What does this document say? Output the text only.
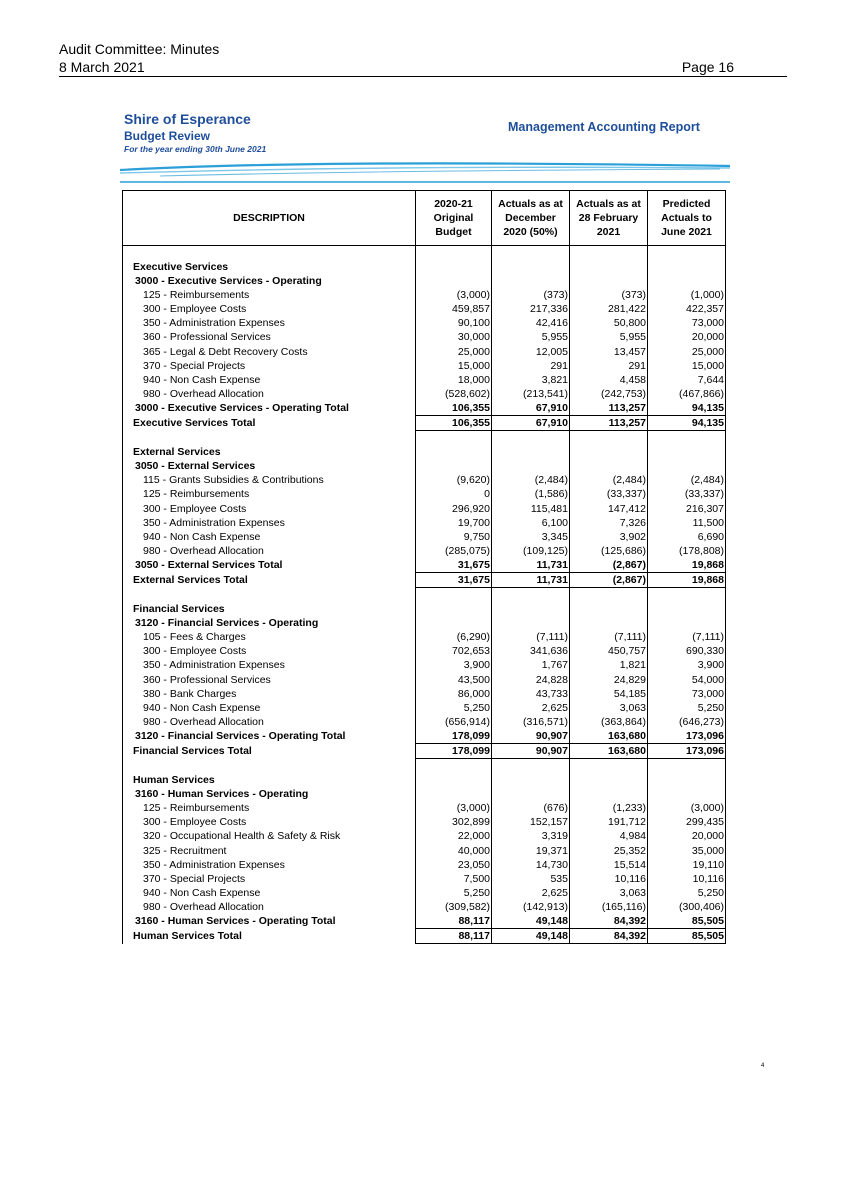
Audit Committee: Minutes
8 March 2021	Page 16
Shire of Esperance
Budget Review
For the year ending 30th June 2021
Management Accounting Report
DESCRIPTION	2020-21 Original Budget	Actuals as at December 2020 (50%)	Actuals as at 28 February 2021	Predicted Actuals to June 2021

Executive Services				
3000 - Executive Services - Operating				
125 - Reimbursements	(3,000)	(373)	(373)	(1,000)
300 - Employee Costs	459,857	217,336	281,422	422,357
350 - Administration Expenses	90,100	42,416	50,800	73,000
360 - Professional Services	30,000	5,955	5,955	20,000
365 - Legal & Debt Recovery Costs	25,000	12,005	13,457	25,000
370 - Special Projects	15,000	291	291	15,000
940 - Non Cash Expense	18,000	3,821	4,458	7,644
980 - Overhead Allocation	(528,602)	(213,541)	(242,753)	(467,866)
3000 - Executive Services - Operating Total	106,355	67,910	113,257	94,135
Executive Services Total	106,355	67,910	113,257	94,135

External Services				
3050 - External Services				
115 - Grants Subsidies & Contributions	(9,620)	(2,484)	(2,484)	(2,484)
125 - Reimbursements	0	(1,586)	(33,337)	(33,337)
300 - Employee Costs	296,920	115,481	147,412	216,307
350 - Administration Expenses	19,700	6,100	7,326	11,500
940 - Non Cash Expense	9,750	3,345	3,902	6,690
980 - Overhead Allocation	(285,075)	(109,125)	(125,686)	(178,808)
3050 - External Services Total	31,675	11,731	(2,867)	19,868
External Services Total	31,675	11,731	(2,867)	19,868

Financial Services				
3120 - Financial Services - Operating				
105 - Fees & Charges	(6,290)	(7,111)	(7,111)	(7,111)
300 - Employee Costs	702,653	341,636	450,757	690,330
350 - Administration Expenses	3,900	1,767	1,821	3,900
360 - Professional Services	43,500	24,828	24,829	54,000
380 - Bank Charges	86,000	43,733	54,185	73,000
940 - Non Cash Expense	5,250	2,625	3,063	5,250
980 - Overhead Allocation	(656,914)	(316,571)	(363,864)	(646,273)
3120 - Financial Services - Operating Total	178,099	90,907	163,680	173,096
Financial Services Total	178,099	90,907	163,680	173,096

Human Services				
3160 - Human Services - Operating				
125 - Reimbursements	(3,000)	(676)	(1,233)	(3,000)
300 - Employee Costs	302,899	152,157	191,712	299,435
320 - Occupational Health & Safety & Risk	22,000	3,319	4,984	20,000
325 - Recruitment	40,000	19,371	25,352	35,000
350 - Administration Expenses	23,050	14,730	15,514	19,110
370 - Special Projects	7,500	535	10,116	10,116
940 - Non Cash Expense	5,250	2,625	3,063	5,250
980 - Overhead Allocation	(309,582)	(142,913)	(165,116)	(300,406)
3160 - Human Services - Operating Total	88,117	49,148	84,392	85,505
Human Services Total	88,117	49,148	84,392	85,505
4
